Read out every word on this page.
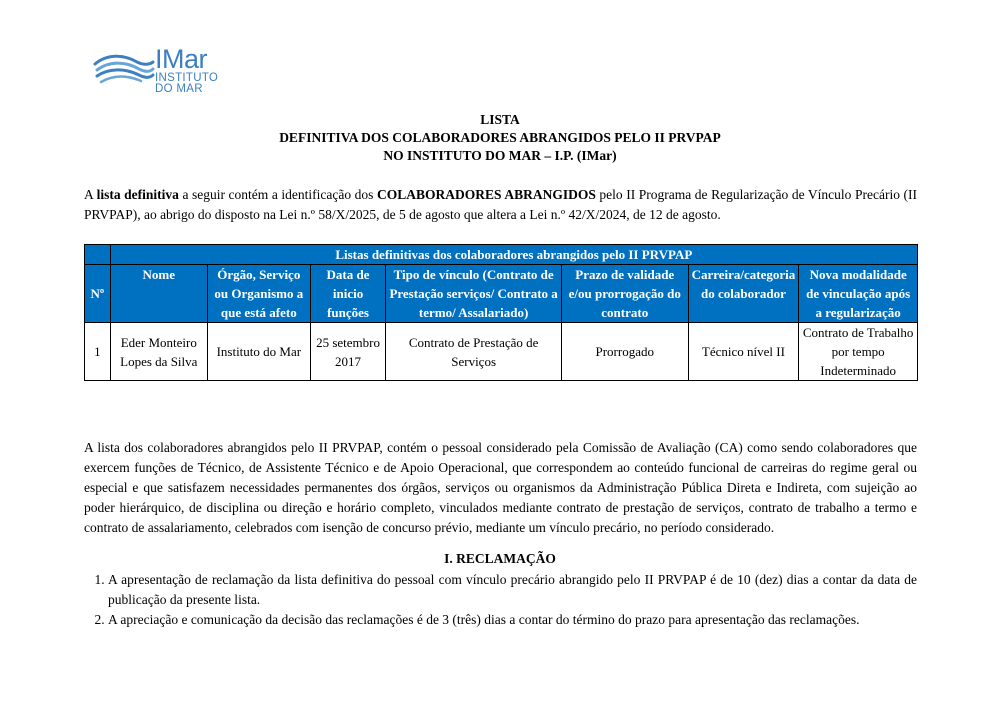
IMar
INSTITUTO
DO MAR
LISTA
DEFINITIVA DOS COLABORADORES ABRANGIDOS PELO II PRVPAP
NO INSTITUTO DO MAR – I.P. (IMar)

A lista definitiva a seguir contém a identificação dos COLABORADORES ABRANGIDOS pelo II Programa de Regularização de Vínculo Precário (II PRVPAP), ao abrigo do disposto na Lei n.º 58/X/2025, de 5 de agosto que altera a Lei n.º 42/X/2024, de 12 de agosto.

	Listas definitivas dos colaboradores abrangidos pelo II PRVPAP						
Nº	Nome	Órgão, Serviço ou Organismo a que está afeto	Data de inicio funções	Tipo de vínculo (Contrato de Prestação serviços/ Contrato a termo/ Assalariado)	Prazo de validade e/ou prorrogação do contrato	Carreira/categoria do colaborador	Nova modalidade de vinculação após a regularização
1	Eder Monteiro Lopes da Silva	Instituto do Mar	25 setembro 2017	Contrato de Prestação de Serviços	Prorrogado	Técnico nível II	Contrato de Trabalho por tempo Indeterminado

A lista dos colaboradores abrangidos pelo II PRVPAP, contém o pessoal considerado pela Comissão de Avaliação (CA) como sendo colaboradores que exercem funções de Técnico, de Assistente Técnico e de Apoio Operacional, que correspondem ao conteúdo funcional de carreiras do regime geral ou especial e que satisfazem necessidades permanentes dos órgãos, serviços ou organismos da Administração Pública Direta e Indireta, com sujeição ao poder hierárquico, de disciplina ou direção e horário completo, vinculados mediante contrato de prestação de serviços, contrato de trabalho a termo e contrato de assalariamento, celebrados com isenção de concurso prévio, mediante um vínculo precário, no período considerado.

I. RECLAMAÇÃO
1. A apresentação de reclamação da lista definitiva do pessoal com vínculo precário abrangido pelo II PRVPAP é de 10 (dez) dias a contar da data de publicação da presente lista.
2. A apreciação e comunicação da decisão das reclamações é de 3 (três) dias a contar do término do prazo para apresentação das reclamações.
